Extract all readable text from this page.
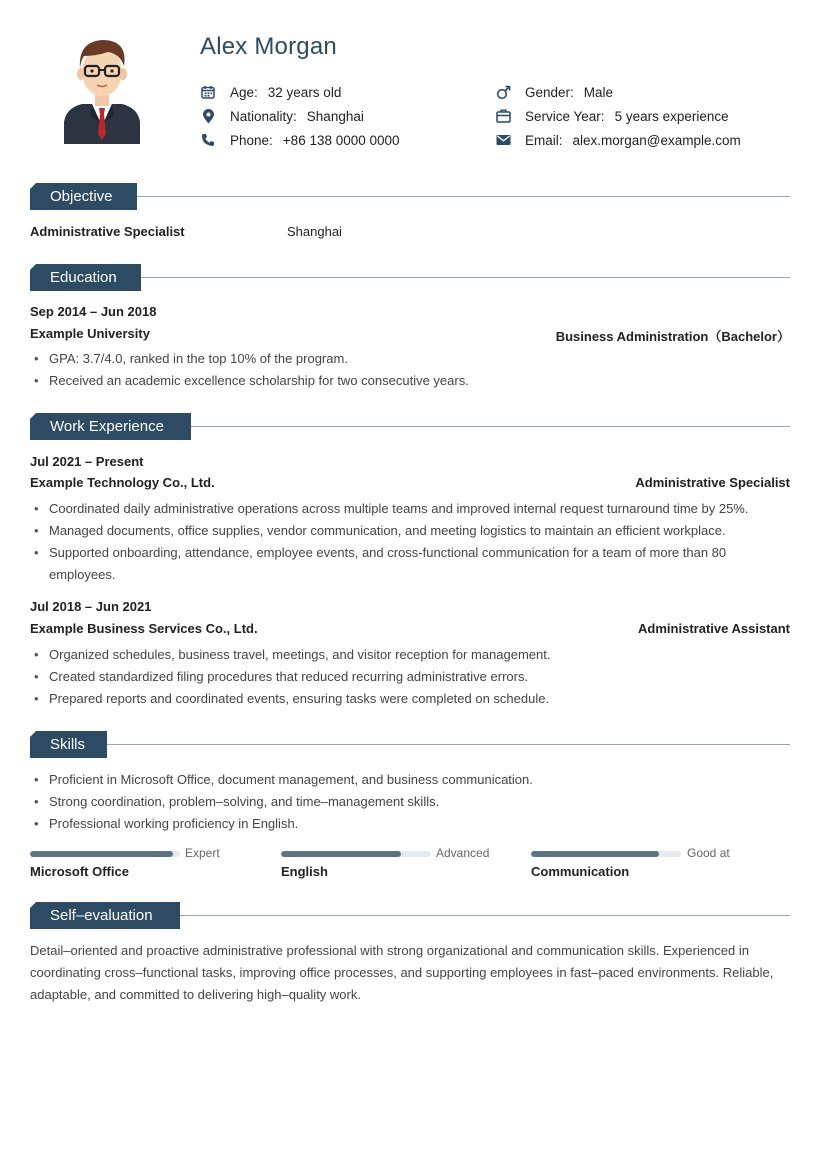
Alex Morgan
Age: 32 years old	Gender: Male
Nationality: Shanghai	Service Year: 5 years experience
Phone: +86 138 0000 0000	Email: alex.morgan@example.com
Objective
Administrative Specialist	Shanghai
Education
Sep 2014 – Jun 2018
Example University	Business Administration（Bachelor）
• GPA: 3.7/4.0, ranked in the top 10% of the program.
• Received an academic excellence scholarship for two consecutive years.
Work Experience
Jul 2021 – Present
Example Technology Co., Ltd.	Administrative Specialist
• Coordinated daily administrative operations across multiple teams and improved internal request turnaround time by 25%.
• Managed documents, office supplies, vendor communication, and meeting logistics to maintain an efficient workplace.
• Supported onboarding, attendance, employee events, and cross-functional communication for a team of more than 80 employees.
Jul 2018 – Jun 2021
Example Business Services Co., Ltd.	Administrative Assistant
• Organized schedules, business travel, meetings, and visitor reception for management.
• Created standardized filing procedures that reduced recurring administrative errors.
• Prepared reports and coordinated events, ensuring tasks were completed on schedule.
Skills
• Proficient in Microsoft Office, document management, and business communication.
• Strong coordination, problem–solving, and time–management skills.
• Professional working proficiency in English.
Expert
Microsoft Office
Advanced
English
Good at
Communication
Self–evaluation
Detail–oriented and proactive administrative professional with strong organizational and communication skills. Experienced in coordinating cross–functional tasks, improving office processes, and supporting employees in fast–paced environments. Reliable, adaptable, and committed to delivering high–quality work.
